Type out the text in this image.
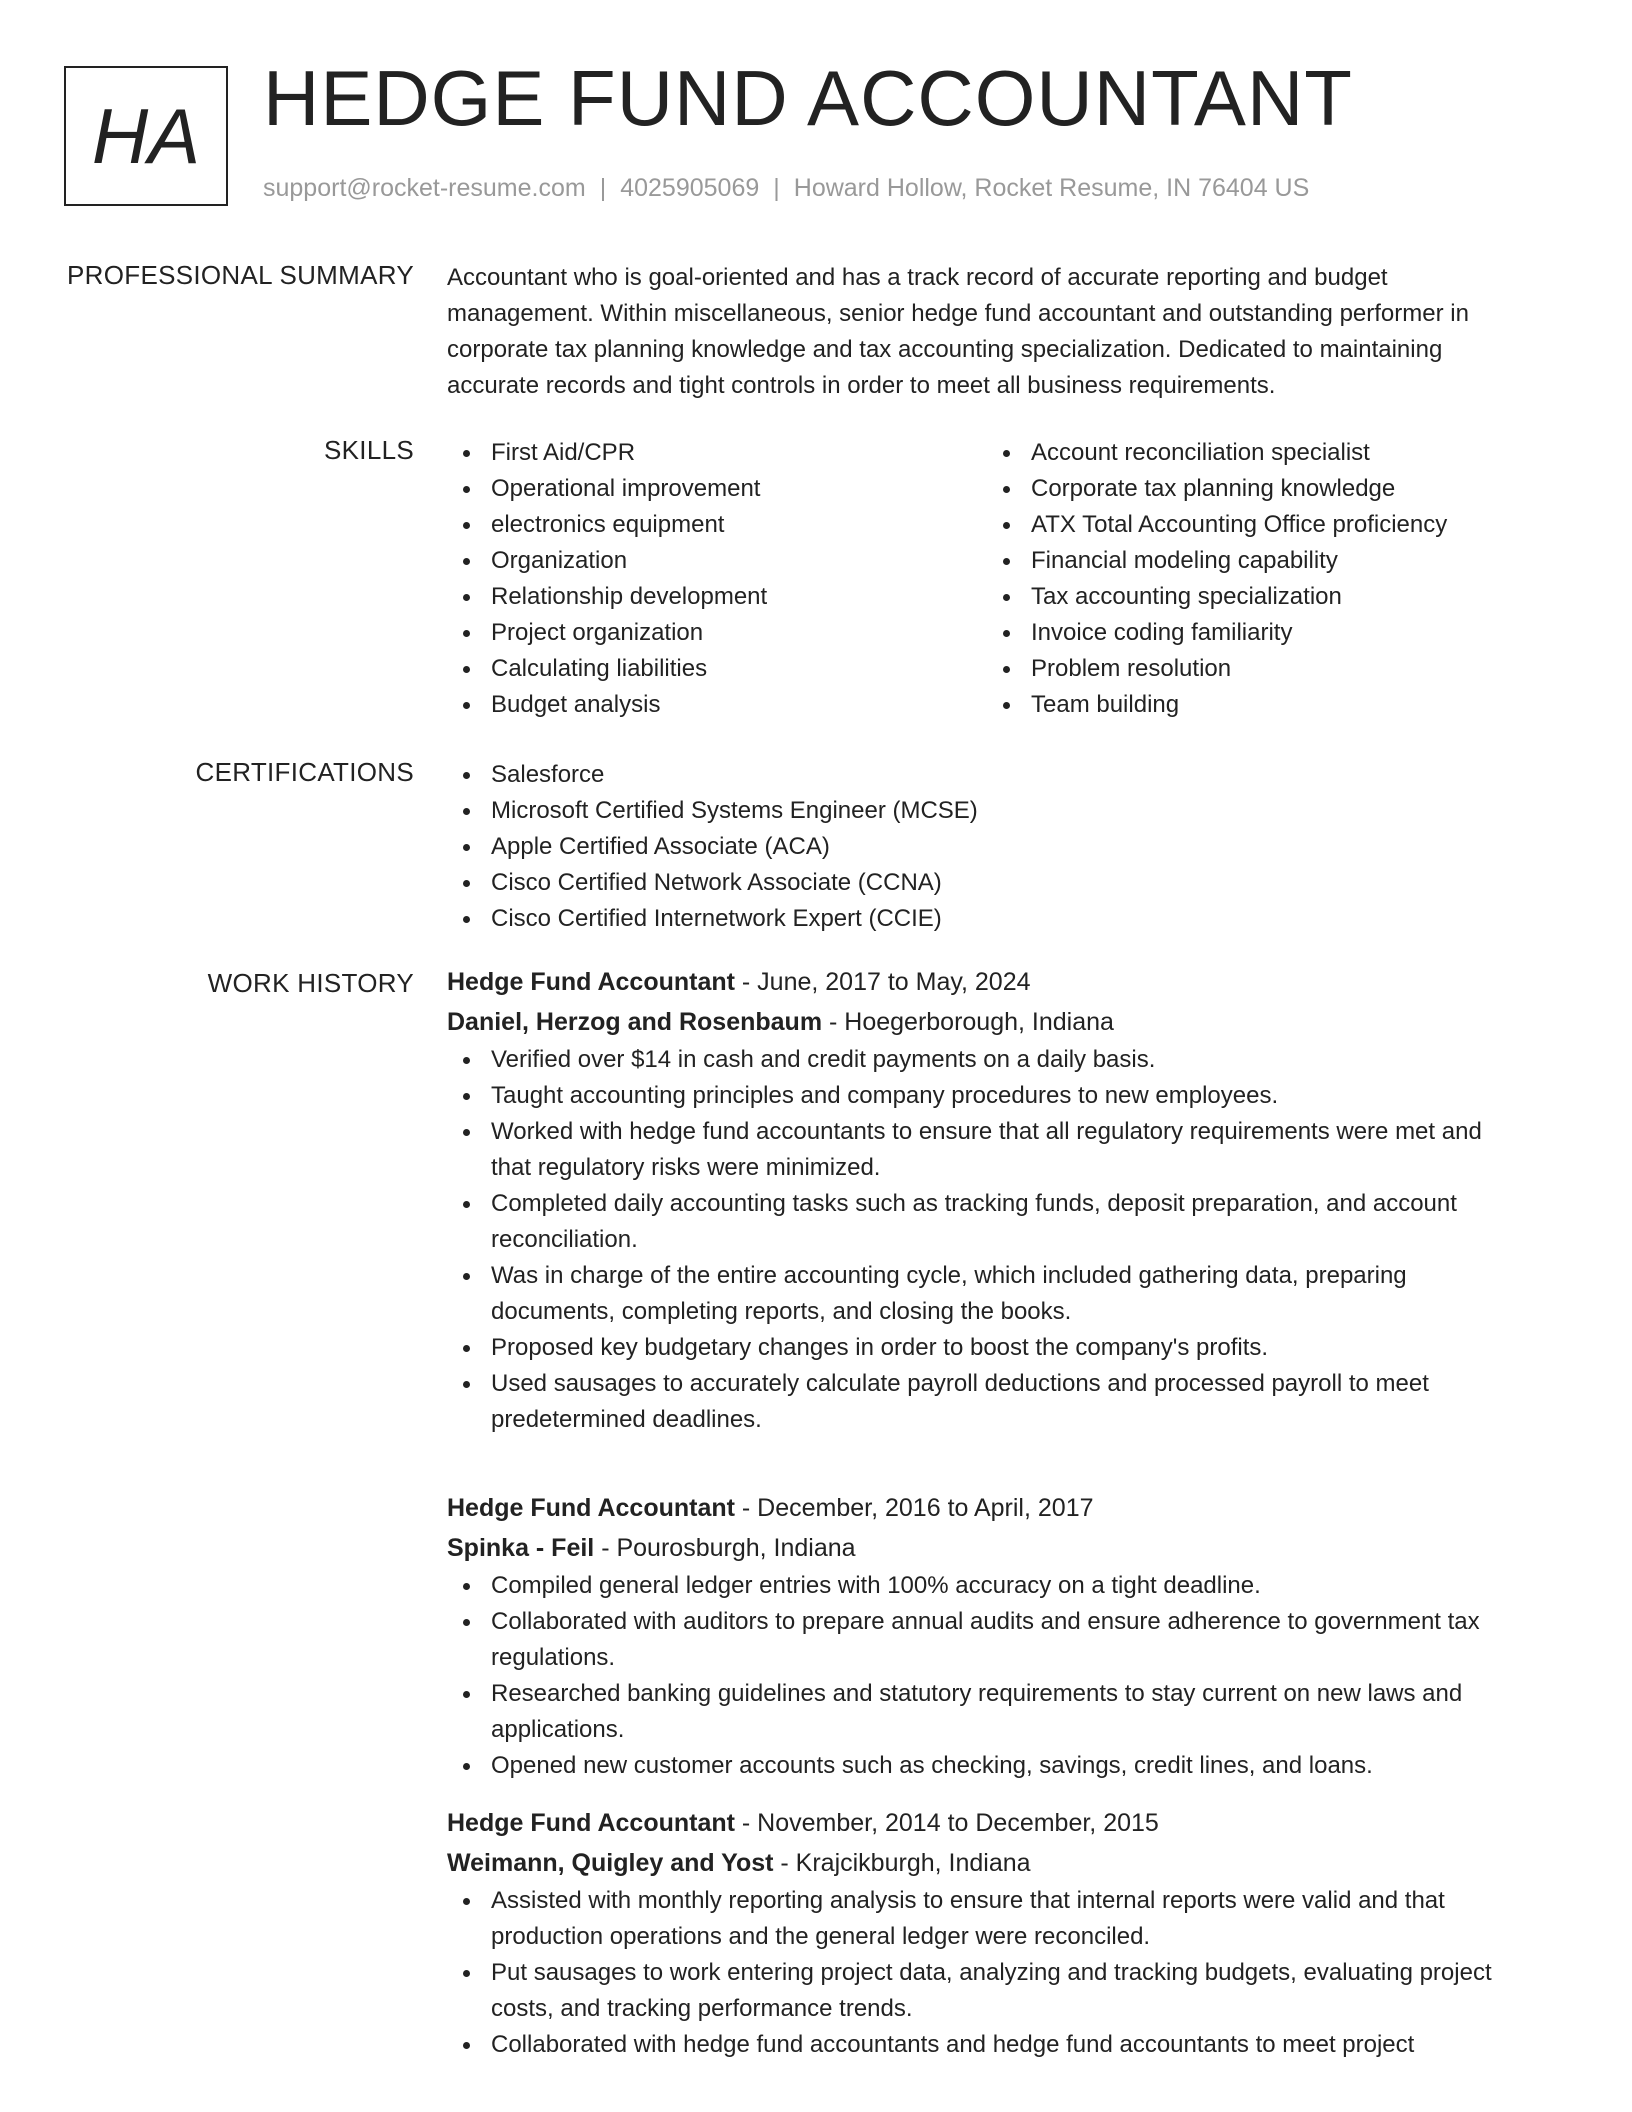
HA HEDGE FUND ACCOUNTANT
support@rocket-resume.com | 4025905069 | Howard Hollow, Rocket Resume, IN 76404 US
PROFESSIONAL SUMMARY Accountant who is goal-oriented and has a track record of accurate reporting and budget management. Within miscellaneous, senior hedge fund accountant and outstanding performer in corporate tax planning knowledge and tax accounting specialization. Dedicated to maintaining accurate records and tight controls in order to meet all business requirements.

SKILLS	First Aid/CPR
Operational improvement
electronics equipment
Organization
Relationship development
Project organization
Calculating liabilities
Budget analysis
Account reconciliation specialist
Corporate tax planning knowledge
ATX Total Accounting Office proficiency
Financial modeling capability
Tax accounting specialization
Invoice coding familiarity
Problem resolution
Team building
CERTIFICATIONS	Salesforce
Microsoft Certified Systems Engineer (MCSE)
Apple Certified Associate (ACA)
Cisco Certified Network Associate (CCNA)
Cisco Certified Internetwork Expert (CCIE)
WORK HISTORY Hedge Fund Accountant - June, 2017 to May, 2024
Daniel, Herzog and Rosenbaum - Hoegerborough, Indiana
Verified over $14 in cash and credit payments on a daily basis.
Taught accounting principles and company procedures to new employees.
Worked with hedge fund accountants to ensure that all regulatory requirements were met and that regulatory risks were minimized.
Completed daily accounting tasks such as tracking funds, deposit preparation, and account reconciliation.
Was in charge of the entire accounting cycle, which included gathering data, preparing documents, completing reports, and closing the books.
Proposed key budgetary changes in order to boost the company's profits.
Used sausages to accurately calculate payroll deductions and processed payroll to meet predetermined deadlines.
Hedge Fund Accountant - December, 2016 to April, 2017
Spinka - Feil - Pourosburgh, Indiana
Compiled general ledger entries with 100% accuracy on a tight deadline.
Collaborated with auditors to prepare annual audits and ensure adherence to government tax regulations.
Researched banking guidelines and statutory requirements to stay current on new laws and applications.
Opened new customer accounts such as checking, savings, credit lines, and loans.
Hedge Fund Accountant - November, 2014 to December, 2015
Weimann, Quigley and Yost - Krajcikburgh, Indiana
Assisted with monthly reporting analysis to ensure that internal reports were valid and that production operations and the general ledger were reconciled.
Put sausages to work entering project data, analyzing and tracking budgets, evaluating project costs, and tracking performance trends.
Collaborated with hedge fund accountants and hedge fund accountants to meet project
